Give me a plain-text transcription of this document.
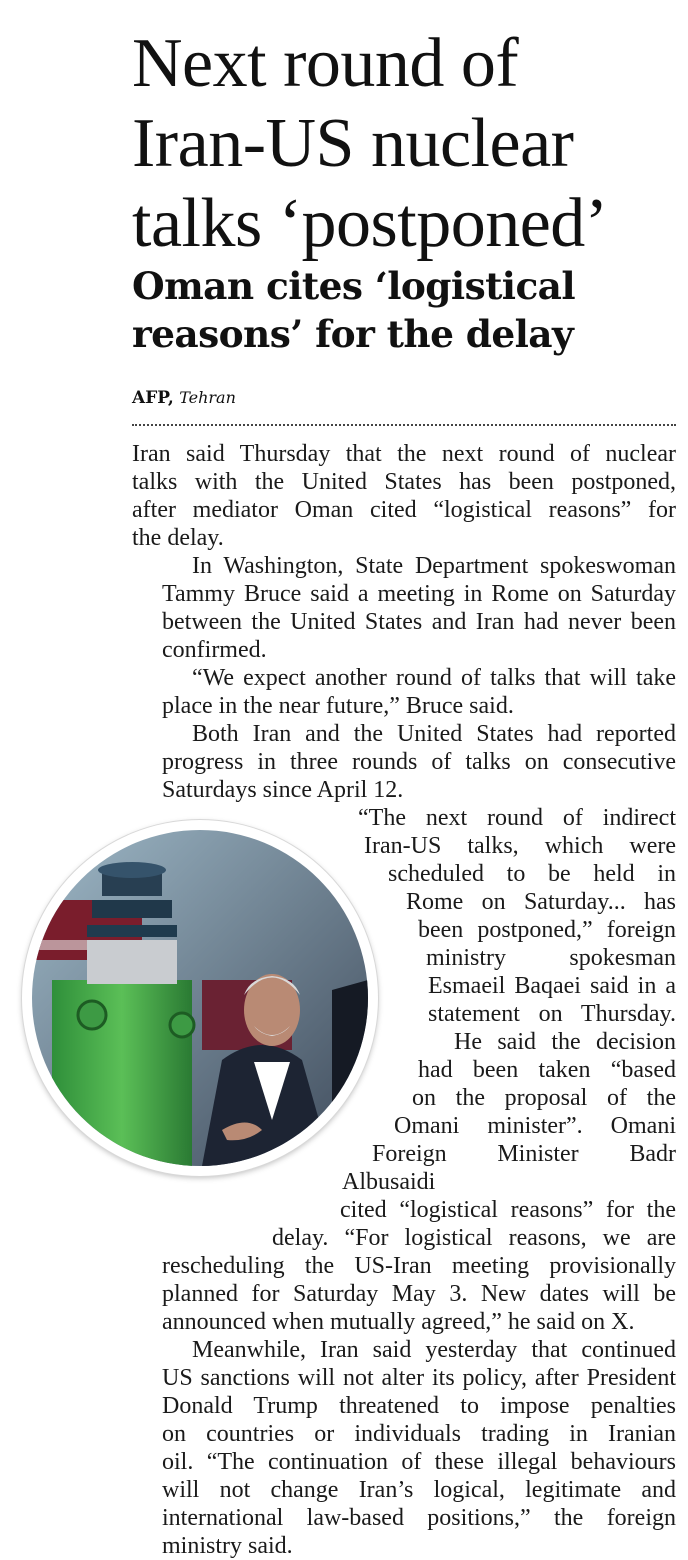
Next round of
Iran-US nuclear
talks ‘postponed’
Oman cites ‘logistical
reasons’ for the delay
AFP, Tehran

Iran said Thursday that the next round of nuclear
talks with the United States has been postponed,
after mediator Oman cited “logistical reasons” for
the delay.

In Washington, State Department spokeswoman
Tammy Bruce said a meeting in Rome on Saturday
between the United States and Iran had never been
confirmed.

“We expect another round of talks that will take
place in the near future,” Bruce said.

Both Iran and the United States had reported
progress in three rounds of talks on consecutive
Saturdays since April 12.

“The next round of indirect
Iran-US talks, which were
scheduled to be held in
Rome on Saturday... has
been postponed,” foreign
ministry spokesman
Esmaeil Baqaei said in a
statement on Thursday.

He said the decision
had been taken “based
on the proposal of the
Omani minister”. Omani
Foreign Minister Badr Albusaidi
cited “logistical reasons” for the
delay. “For logistical reasons, we are
rescheduling the US-Iran meeting provisionally
planned for Saturday May 3. New dates will be
announced when mutually agreed,” he said on X.

Meanwhile, Iran said yesterday that continued
US sanctions will not alter its policy, after President
Donald Trump threatened to impose penalties
on countries or individuals trading in Iranian
oil. “The continuation of these illegal behaviours
will not change Iran’s logical, legitimate and
international law-based positions,” the foreign
ministry said.
